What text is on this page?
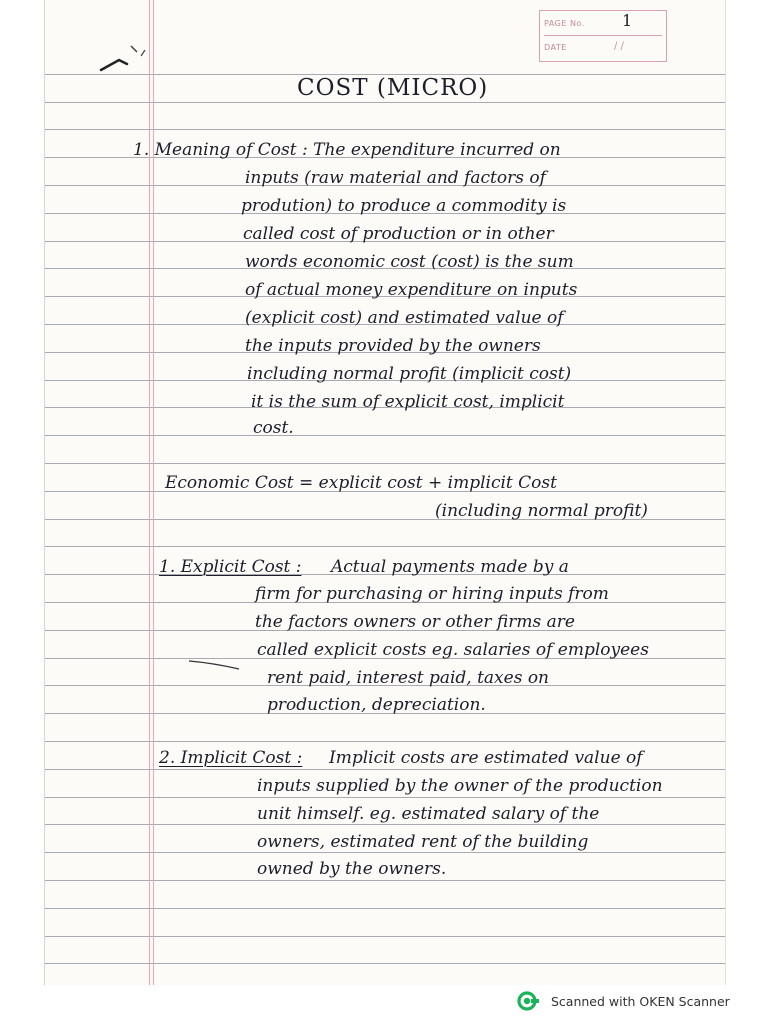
PAGE No. 1
DATE	/ /
COST (MICRO)
1. Meaning of Cost : The expenditure incurred on
inputs (raw material and factors of
prodution) to produce a commodity is
called cost of production or in other
words economic cost (cost) is the sum
of actual money expenditure on inputs
(explicit cost) and estimated value of
the inputs provided by the owners
including normal profit (implicit cost)
it is the sum of explicit cost, implicit
cost.
Economic Cost = explicit cost + implicit Cost
(including normal profit)
1. Explicit Cost : Actual payments made by a
firm for purchasing or hiring inputs from
the factors owners or other firms are
called explicit costs eg. salaries of employees
rent paid, interest paid, taxes on
production, depreciation.
2. Implicit Cost : Implicit costs are estimated value of
inputs supplied by the owner of the production
unit himself. eg. estimated salary of the
owners, estimated rent of the building
owned by the owners.
Scanned with OKEN Scanner
